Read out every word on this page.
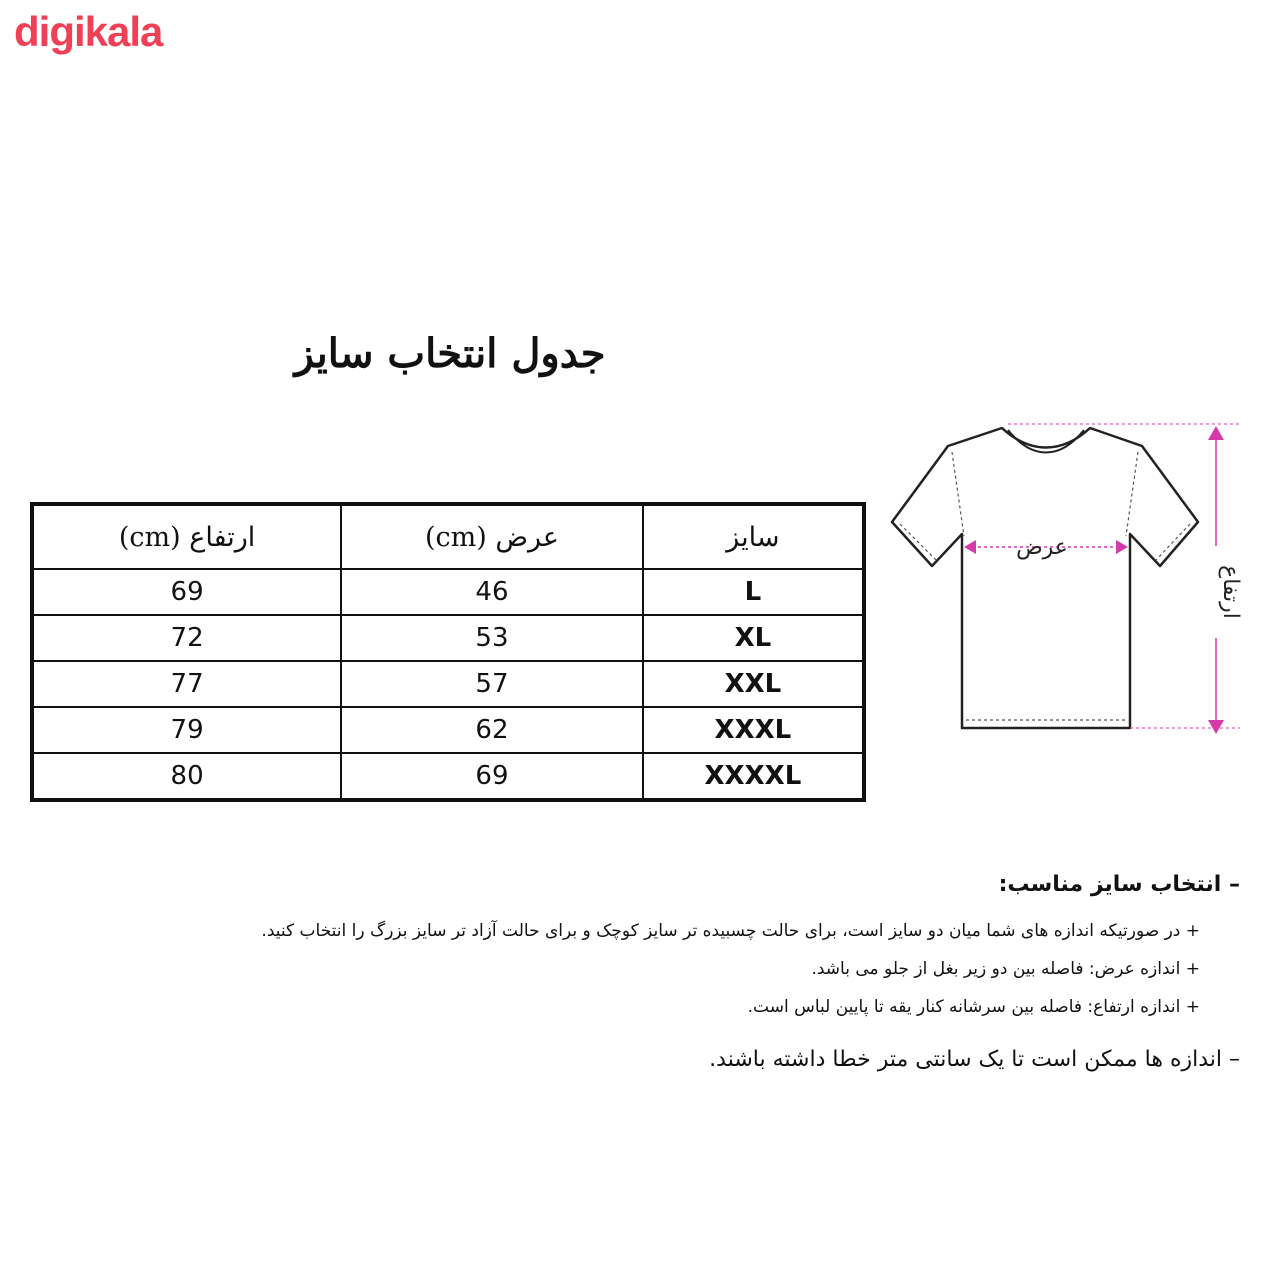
digikala
جدول انتخاب سایز
ارتفاع (cm)	عرض (cm)	سایز
69	46	L
72	53	XL
77	57	XXL
79	62	XXXL
80	69	XXXXL
عرض
ارتفاع
– انتخاب سایز مناسب:
+ در صورتیکه اندازه های شما میان دو سایز است، برای حالت چسبیده تر سایز کوچک و برای حالت آزاد تر سایز بزرگ را انتخاب کنید.
+ اندازه عرض: فاصله بین دو زیر بغل از جلو می باشد.
+ اندازه ارتفاع: فاصله بین سرشانه کنار یقه تا پایین لباس است.
– اندازه ها ممکن است تا یک سانتی متر خطا داشته باشند.
